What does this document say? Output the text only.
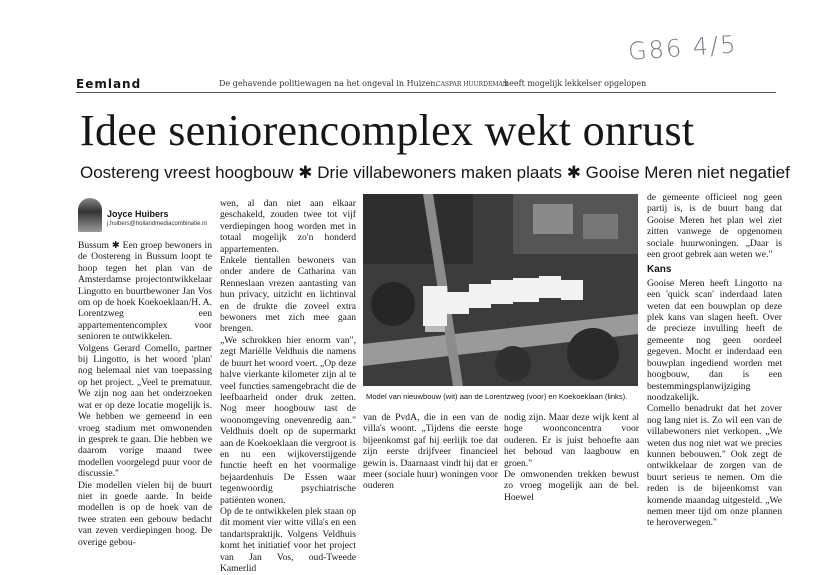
G86 4/5
Eemland	De gehavende politiewagen na het ongeval in Huizen.
CASPAR HUURDEMAN
heeft mogelijk lekkelser opgelopen
Idee seniorencomplex wekt onrust
Oostereng vreest hoogbouw ✱ Drie villabewoners maken plaats ✱ Gooise Meren niet negatief
Joyce Huibers
j.huibers@hollandmediacombinatie.nl

Bussum ✱ Een groep bewoners in de Oostereng in Bussum loopt te hoop tegen het plan van de Amsterdamse projectontwikkelaar Lingotto en buurtbewoner Jan Vos om op de hoek Koekoeklaan/H. A. Lorentzweg een appartementencomplex voor senioren te ontwikkelen.

Volgens Gerard Comello, partner bij Lingotto, is het woord 'plan' nog helemaal niet van toepassing op het project. „Veel te prematuur. We zijn nog aan het onderzoeken wat er op deze locatie mogelijk is. We hebben we gemeend in een vroeg stadium met omwonenden in gesprek te gaan. Die hebben we daarom vorige maand twee modellen voorgelegd puur voor de discussie."

Die modellen vielen bij de buurt niet in goede aarde. In beide modellen is op de hoek van de twee straten een gebouw bedacht van zeven verdiepingen hoog. De overige gebou-

wen, al dan niet aan elkaar geschakeld, zouden twee tot vijf verdiepingen hoog worden met in totaal mogelijk zo'n honderd appartementen.

Enkele tientallen bewoners van onder andere de Catharina van Renneslaan vrezen aantasting van hun privacy, uitzicht en lichtinval en de drukte die zoveel extra bewoners met zich mee gaan brengen.

„We schrokken hier enorm van", zegt Mariëlle Veldhuis die namens de buurt het woord voert. „Op deze halve vierkante kilometer zijn al te veel functies samengebracht die de leefbaarheid onder druk zetten. Nog meer hoogbouw tast de woonomgeving onevenredig aan." Veldhuis doelt op de supermarkt aan de Koekoeklaan die vergroot is en nu een wijkoverstijgende functie heeft en het voormalige bejaardenhuis De Essen waar tegenwoordig psychiatrische patiënten wonen.

Op de te ontwikkelen plek staan op dit moment vier witte villa's en een tandartspraktijk. Volgens Veldhuis komt het initiatief voor het project van Jan Vos, oud-Tweede Kamerlid

Model van nieuwbouw (wit) aan de Lorentzweg (voor) en Koekoeklaan (links).

van de PvdA, die in een van de villa's woont. „Tijdens die eerste bijeenkomst gaf hij eerlijk toe dat zijn eerste drijfveer financieel gewin is. Daarnaast vindt hij dat er meer (sociale huur) woningen voor ouderen

nodig zijn. Maar deze wijk kent al hoge woonconcentra voor ouderen. Er is juist behoefte aan het behoud van laagbouw en groen."

De omwonenden trekken bewust zo vroeg mogelijk aan de bel. Hoewel

de gemeente officieel nog geen partij is, is de buurt bang dat Gooise Meren het plan wel ziet zitten vanwege de opgenomen sociale huurwoningen. „Daar is een groot gebrek aan weten we."

Kans

Gooise Meren heeft Lingotto na een 'quick scan' inderdaad laten weten dat een bouwplan op deze plek kans van slagen heeft. Over de precieze invulling heeft de gemeente nog geen oordeel gegeven. Mocht er inderdaad een bouwplan ingediend worden met hoogbouw, dan is een bestemmingsplanwijziging noodzakelijk.

Comello benadrukt dat het zover nog lang niet is. Zo wil een van de villabewoners niet verkopen. „We weten dus nog niet wat we precies kunnen bebouwen." Ook zegt de ontwikkelaar de zorgen van de buurt serieus te nemen. Om die reden is de bijeenkomst van komende maandag uitgesteld. „We nemen meer tijd om onze plannen te heroverwegen."
